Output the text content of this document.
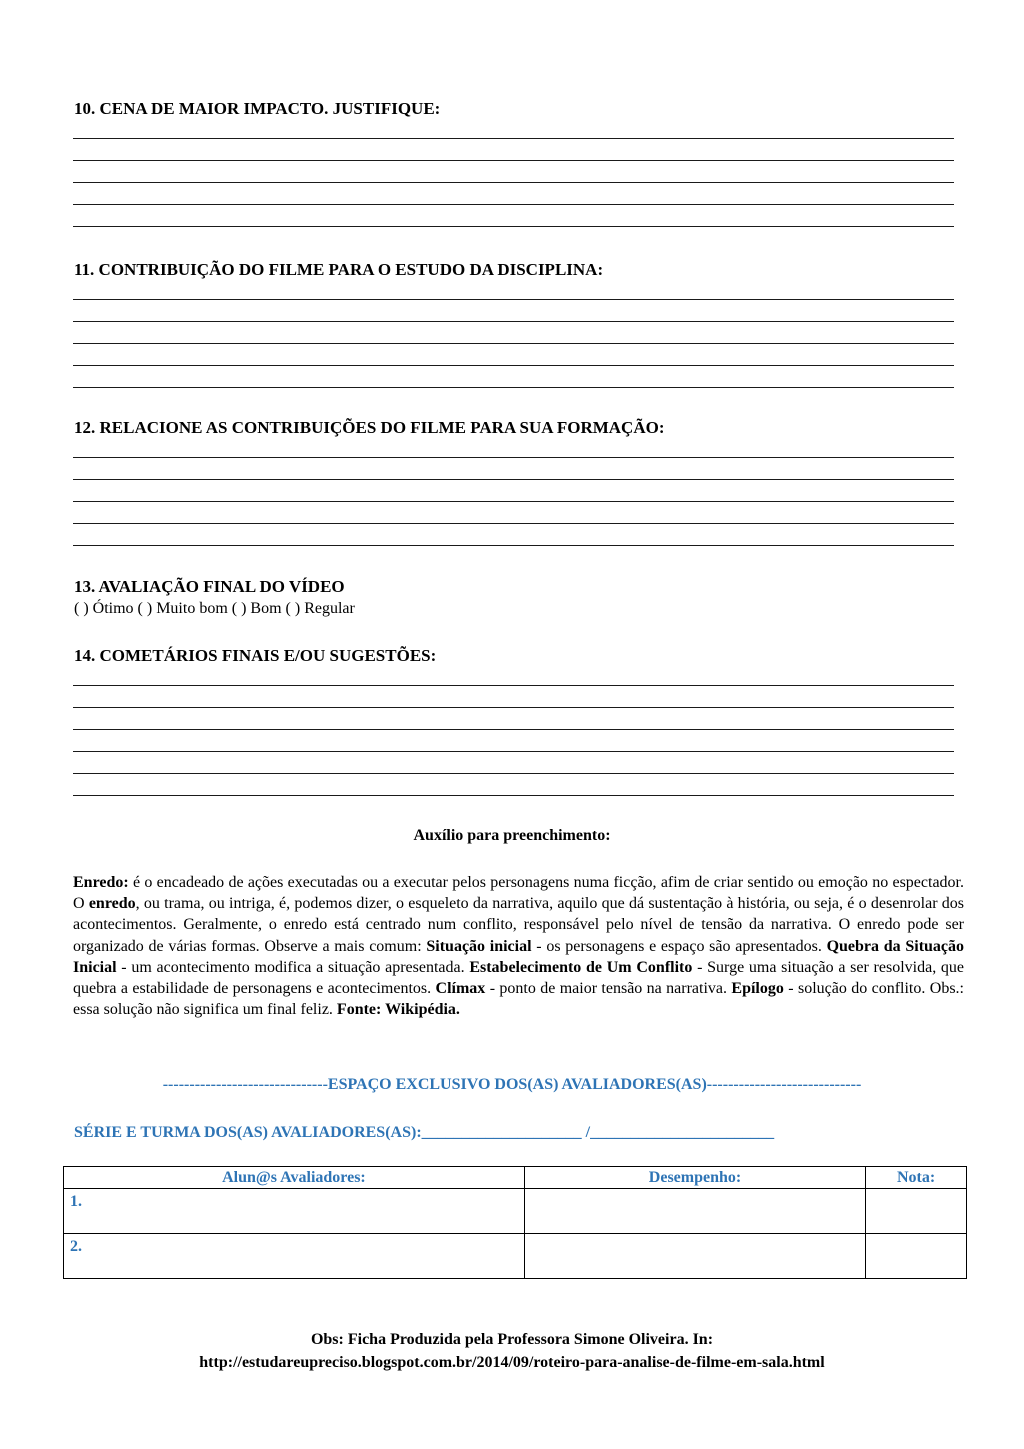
10. CENA DE MAIOR IMPACTO. JUSTIFIQUE:
11. CONTRIBUIÇÃO DO FILME PARA O ESTUDO DA DISCIPLINA:
12. RELACIONE AS CONTRIBUIÇÕES DO FILME PARA SUA FORMAÇÃO:
13. AVALIAÇÃO FINAL DO VÍDEO
( ) Ótimo ( ) Muito bom ( ) Bom ( ) Regular
14. COMETÁRIOS FINAIS E/OU SUGESTÕES:
Auxílio para preenchimento:
Enredo: é o encadeado de ações executadas ou a executar pelos personagens numa ficção, afim de criar sentido ou emoção no espectador. O enredo, ou trama, ou intriga, é, podemos dizer, o esqueleto da narrativa, aquilo que dá sustentação à história, ou seja, é o desenrolar dos acontecimentos. Geralmente, o enredo está centrado num conflito, responsável pelo nível de tensão da narrativa. O enredo pode ser organizado de várias formas. Observe a mais comum: Situação inicial - os personagens e espaço são apresentados. Quebra da Situação Inicial - um acontecimento modifica a situação apresentada. Estabelecimento de Um Conflito - Surge uma situação a ser resolvida, que quebra a estabilidade de personagens e acontecimentos. Clímax - ponto de maior tensão na narrativa. Epílogo - solução do conflito. Obs.: essa solução não significa um final feliz. Fonte: Wikipédia.
-------------------------------ESPAÇO EXCLUSIVO DOS(AS) AVALIADORES(AS)-----------------------------
SÉRIE E TURMA DOS(AS) AVALIADORES(AS):____________________ /_______________________
Alun@s Avaliadores:	Desempenho:	Nota:
1.		
2.		
Obs: Ficha Produzida pela Professora Simone Oliveira. In:
http://estudareupreciso.blogspot.com.br/2014/09/roteiro-para-analise-de-filme-em-sala.html
